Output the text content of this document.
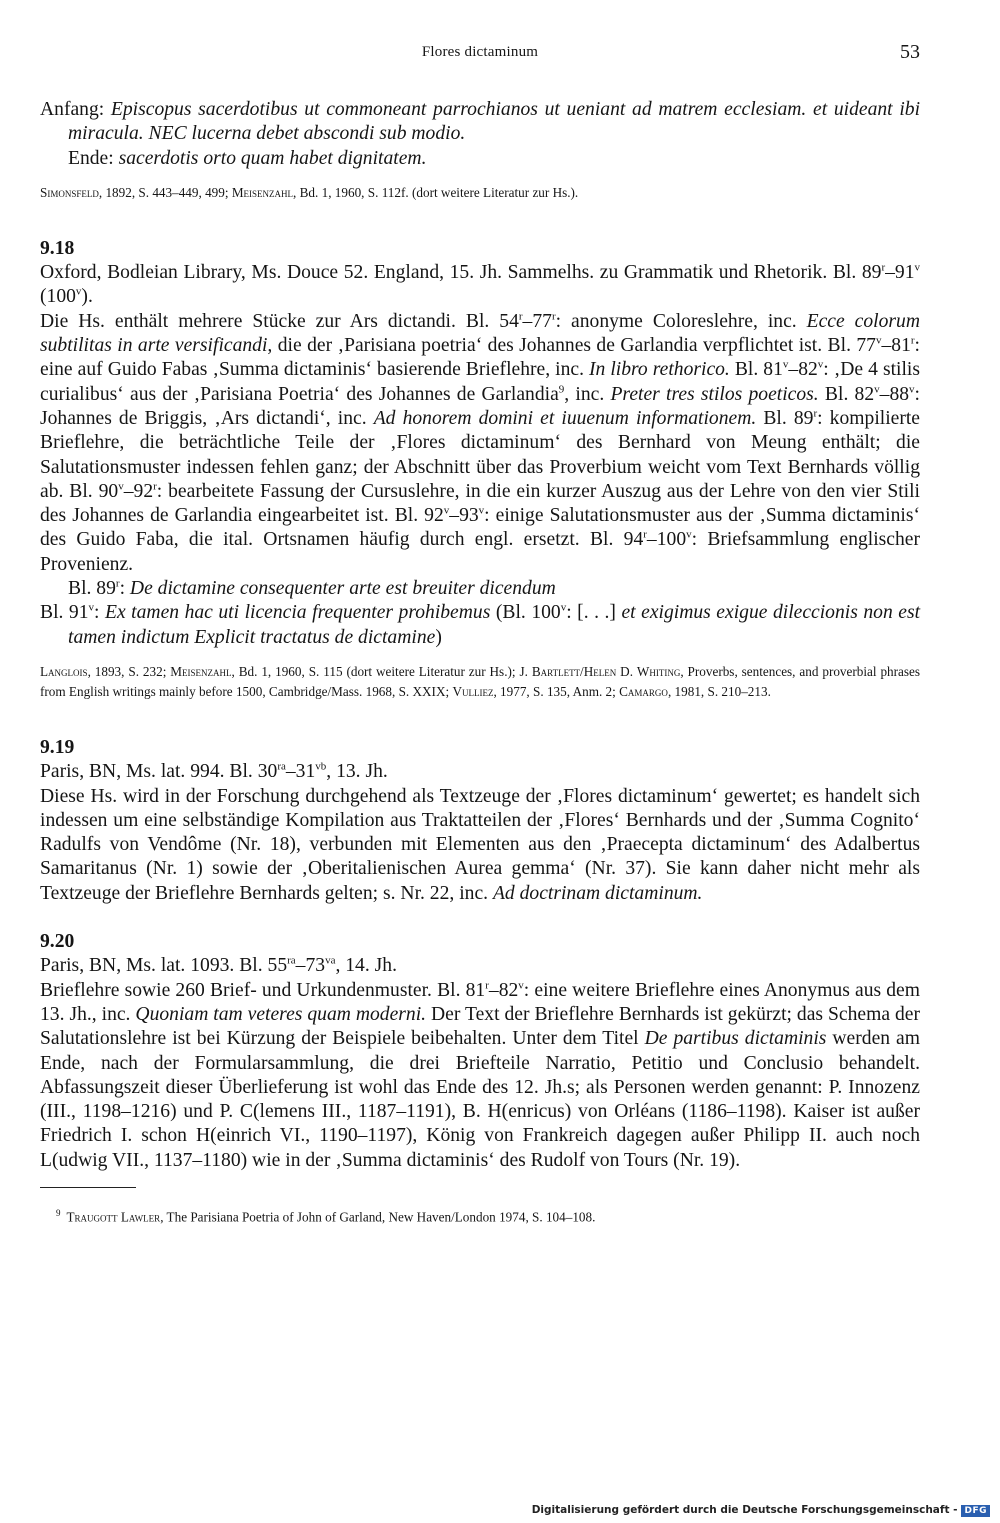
Flores dictaminum	53

Anfang: Episcopus sacerdotibus ut commoneant parrochianos ut ueniant ad matrem ecclesiam. et uideant ibi miracula. NEC lucerna debet abscondi sub modio.

Ende: sacerdotis orto quam habet dignitatem.

Simonsfeld, 1892, S. 443–449, 499; Meisenzahl, Bd. 1, 1960, S. 112f. (dort weitere Literatur zur Hs.).

9.18

Oxford, Bodleian Library, Ms. Douce 52. England, 15. Jh. Sammelhs. zu Grammatik und Rhetorik. Bl. 89$^r$–91$^v$ (100$^v$).

Die Hs. enthält mehrere Stücke zur Ars dictandi. Bl. 54$^r$–77$^r$: anonyme Coloreslehre, inc. Ecce colorum subtilitas in arte versificandi, die der ‚Parisiana poetria‘ des Johannes de Garlandia verpflichtet ist. Bl. 77$^v$–81$^r$: eine auf Guido Fabas ‚Summa dictaminis‘ basierende Brieflehre, inc. In libro rethorico. Bl. 81$^v$–82$^v$: ‚De 4 stilis curialibus‘ aus der ‚Parisiana Poetria‘ des Johannes de Garlandia$^9$, inc. Preter tres stilos poeticos. Bl. 82$^v$–88$^v$: Johannes de Briggis, ‚Ars dictandi‘, inc. Ad honorem domini et iuuenum informationem. Bl. 89$^r$: kompilierte Brieflehre, die beträchtliche Teile der ‚Flores dictaminum‘ des Bernhard von Meung enthält; die Salutationsmuster indessen fehlen ganz; der Abschnitt über das Proverbium weicht vom Text Bernhards völlig ab. Bl. 90$^v$–92$^r$: bearbeitete Fassung der Cursuslehre, in die ein kurzer Auszug aus der Lehre von den vier Stili des Johannes de Garlandia eingearbeitet ist. Bl. 92$^v$–93$^v$: einige Salutationsmuster aus der ‚Summa dictaminis‘ des Guido Faba, die ital. Ortsnamen häufig durch engl. ersetzt. Bl. 94$^r$–100$^v$: Briefsammlung englischer Provenienz.

Bl. 89$^r$: De dictamine consequenter arte est breuiter dicendum

Bl. 91$^v$: Ex tamen hac uti licencia frequenter prohibemus (Bl. 100$^v$: [. . .] et exigimus exigue dileccionis non est tamen indictum Explicit tractatus de dictamine)

Langlois, 1893, S. 232; Meisenzahl, Bd. 1, 1960, S. 115 (dort weitere Literatur zur Hs.); J. Bartlett/Helen D. Whiting, Proverbs, sentences, and proverbial phrases from English writings mainly before 1500, Cambridge/Mass. 1968, S. XXIX; Vulliez, 1977, S. 135, Anm. 2; Camargo, 1981, S. 210–213.

9.19

Paris, BN, Ms. lat. 994. Bl. $30^{ra}-31^{vb}$, 13. Jh.

Diese Hs. wird in der Forschung durchgehend als Textzeuge der ‚Flores dictaminum‘ gewertet; es handelt sich indessen um eine selbständige Kompilation aus Traktatteilen der ‚Flores‘ Bernhards und der ‚Summa Cognito‘ Radulfs von Vendôme (Nr. 18), verbunden mit Elementen aus den ‚Praecepta dictaminum‘ des Adalbertus Samaritanus (Nr. 1) sowie der ‚Oberitalienischen Aurea gemma‘ (Nr. 37). Sie kann daher nicht mehr als Textzeuge der Brieflehre Bernhards gelten; s. Nr. 22, inc. Ad doctrinam dictaminum.

9.20

Paris, BN, Ms. lat. 1093. Bl. $55^{ra}-73^{va}$, 14. Jh.

Brieflehre sowie 260 Brief- und Urkundenmuster. Bl. 81$^r$–82$^v$: eine weitere Brieflehre eines Anonymus aus dem 13. Jh., inc. Quoniam tam veteres quam moderni. Der Text der Brieflehre Bernhards ist gekürzt; das Schema der Salutationslehre ist bei Kürzung der Beispiele beibehalten. Unter dem Titel De partibus dictaminis werden am Ende, nach der Formularsammlung, die drei Briefteile Narratio, Petitio und Conclusio behandelt. Abfassungszeit dieser Überlieferung ist wohl das Ende des 12. Jh.s; als Personen werden genannt: P. Innozenz (III., 1198–1216) und P. C(lemens III., 1187–1191), B. H(enricus) von Orléans (1186–1198). Kaiser ist außer Friedrich I. schon H(einrich VI., 1190–1197), König von Frankreich dagegen außer Philipp II. auch noch L(udwig VII., 1137–1180) wie in der ‚Summa dictaminis‘ des Rudolf von Tours (Nr. 19).

$^9$ Traugott Lawler, The Parisiana Poetria of John of Garland, New Haven/London 1974, S. 104–108.

Digitalisierung gefördert durch die Deutsche Forschungsgemeinschaft - DFG
